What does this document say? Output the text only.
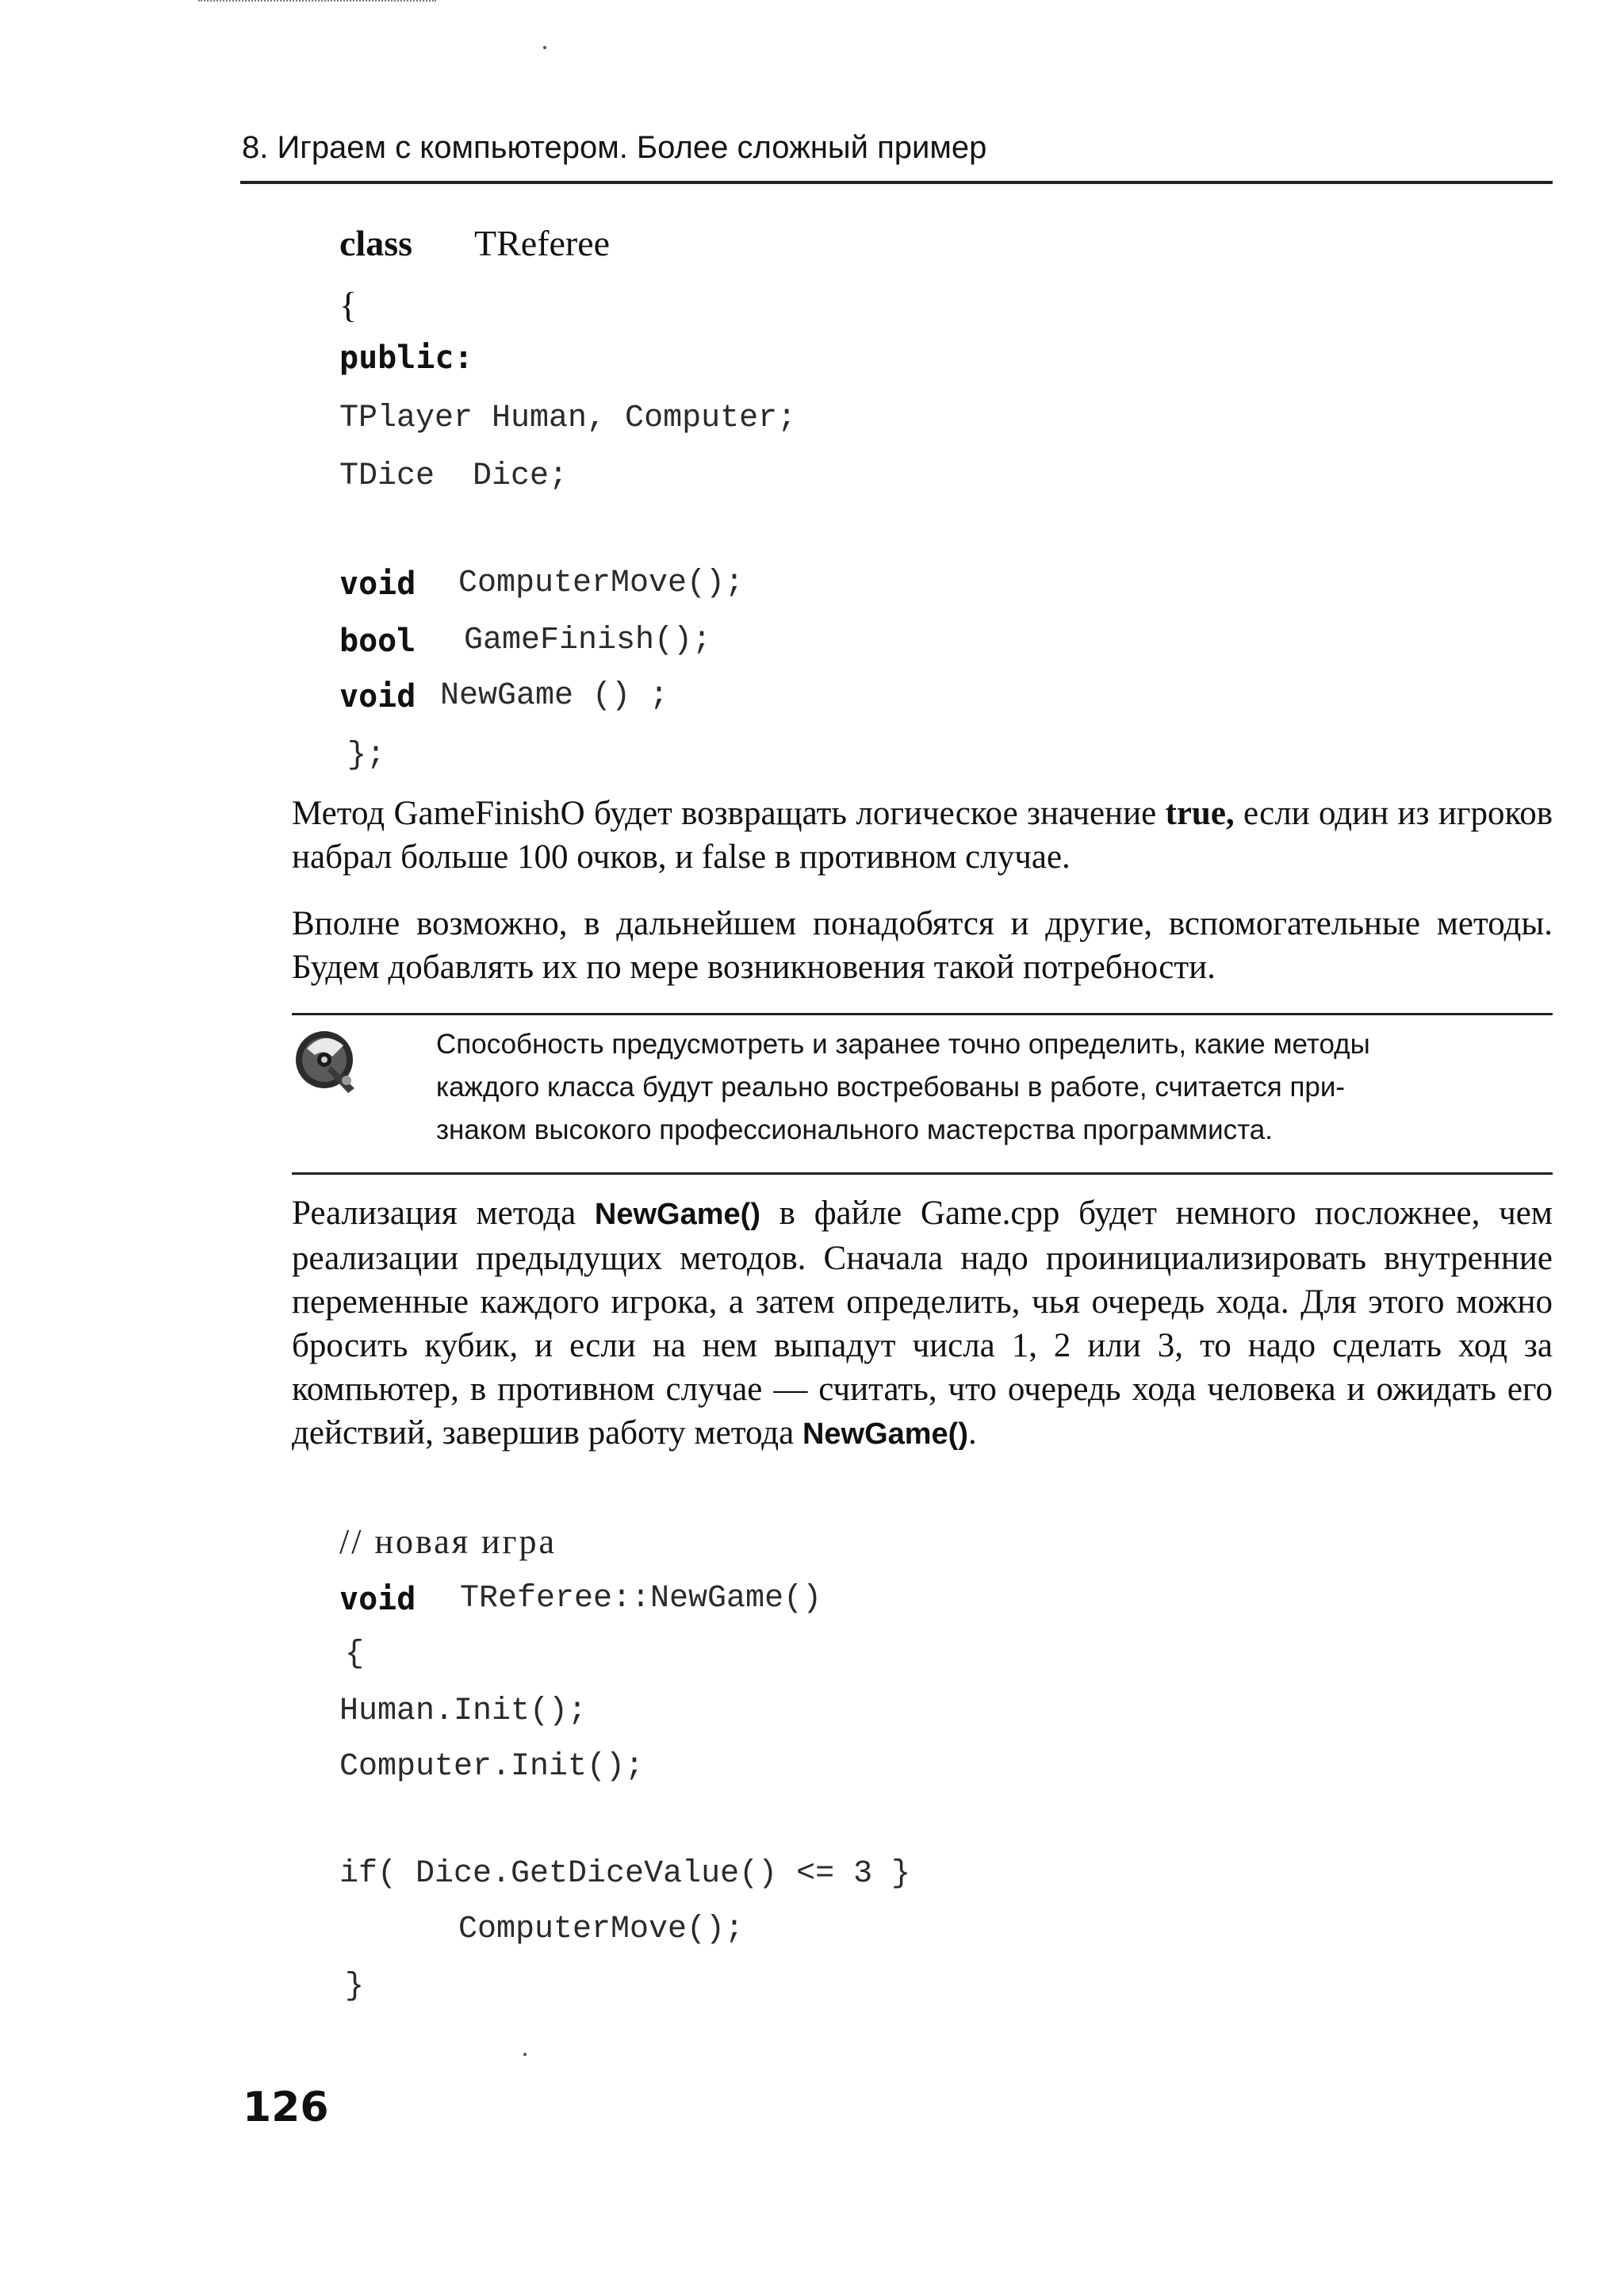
8. Играем с компьютером. Более сложный пример
class TReferee
{
public:
TPlayer Human, Computer;
TDice  Dice;
void ComputerMove();
bool GameFinish();
void NewGame () ;
};
Метод GameFinishO будет возвращать логическое значение true, если один из игроков набрал больше 100 очков, и false в противном случае.
Вполне возможно, в дальнейшем понадобятся и другие, вспомогательные методы. Будем добавлять их по мере возникновения такой потребности.
Способность предусмотреть и заранее точно определить, какие методы
каждого класса будут реально востребованы в работе, считается при-
знаком высокого профессионального мастерства программиста.
Реализация метода NewGame() в файле Game.cpp будет немного посложнее, чем реализации предыдущих методов. Сначала надо проинициализировать внутренние переменные каждого игрока, а затем определить, чья очередь хода. Для этого можно бросить кубик, и если на нем выпадут числа 1, 2 или 3, то надо сделать ход за компьютер, в противном случае — считать, что очередь хода человека и ожидать его действий, завершив работу метода NewGame().
// новая игра
void TReferee::NewGame()
{
Human.Init();
Computer.Init();
if( Dice.GetDiceValue() <= 3 }
ComputerMove();
}
126
